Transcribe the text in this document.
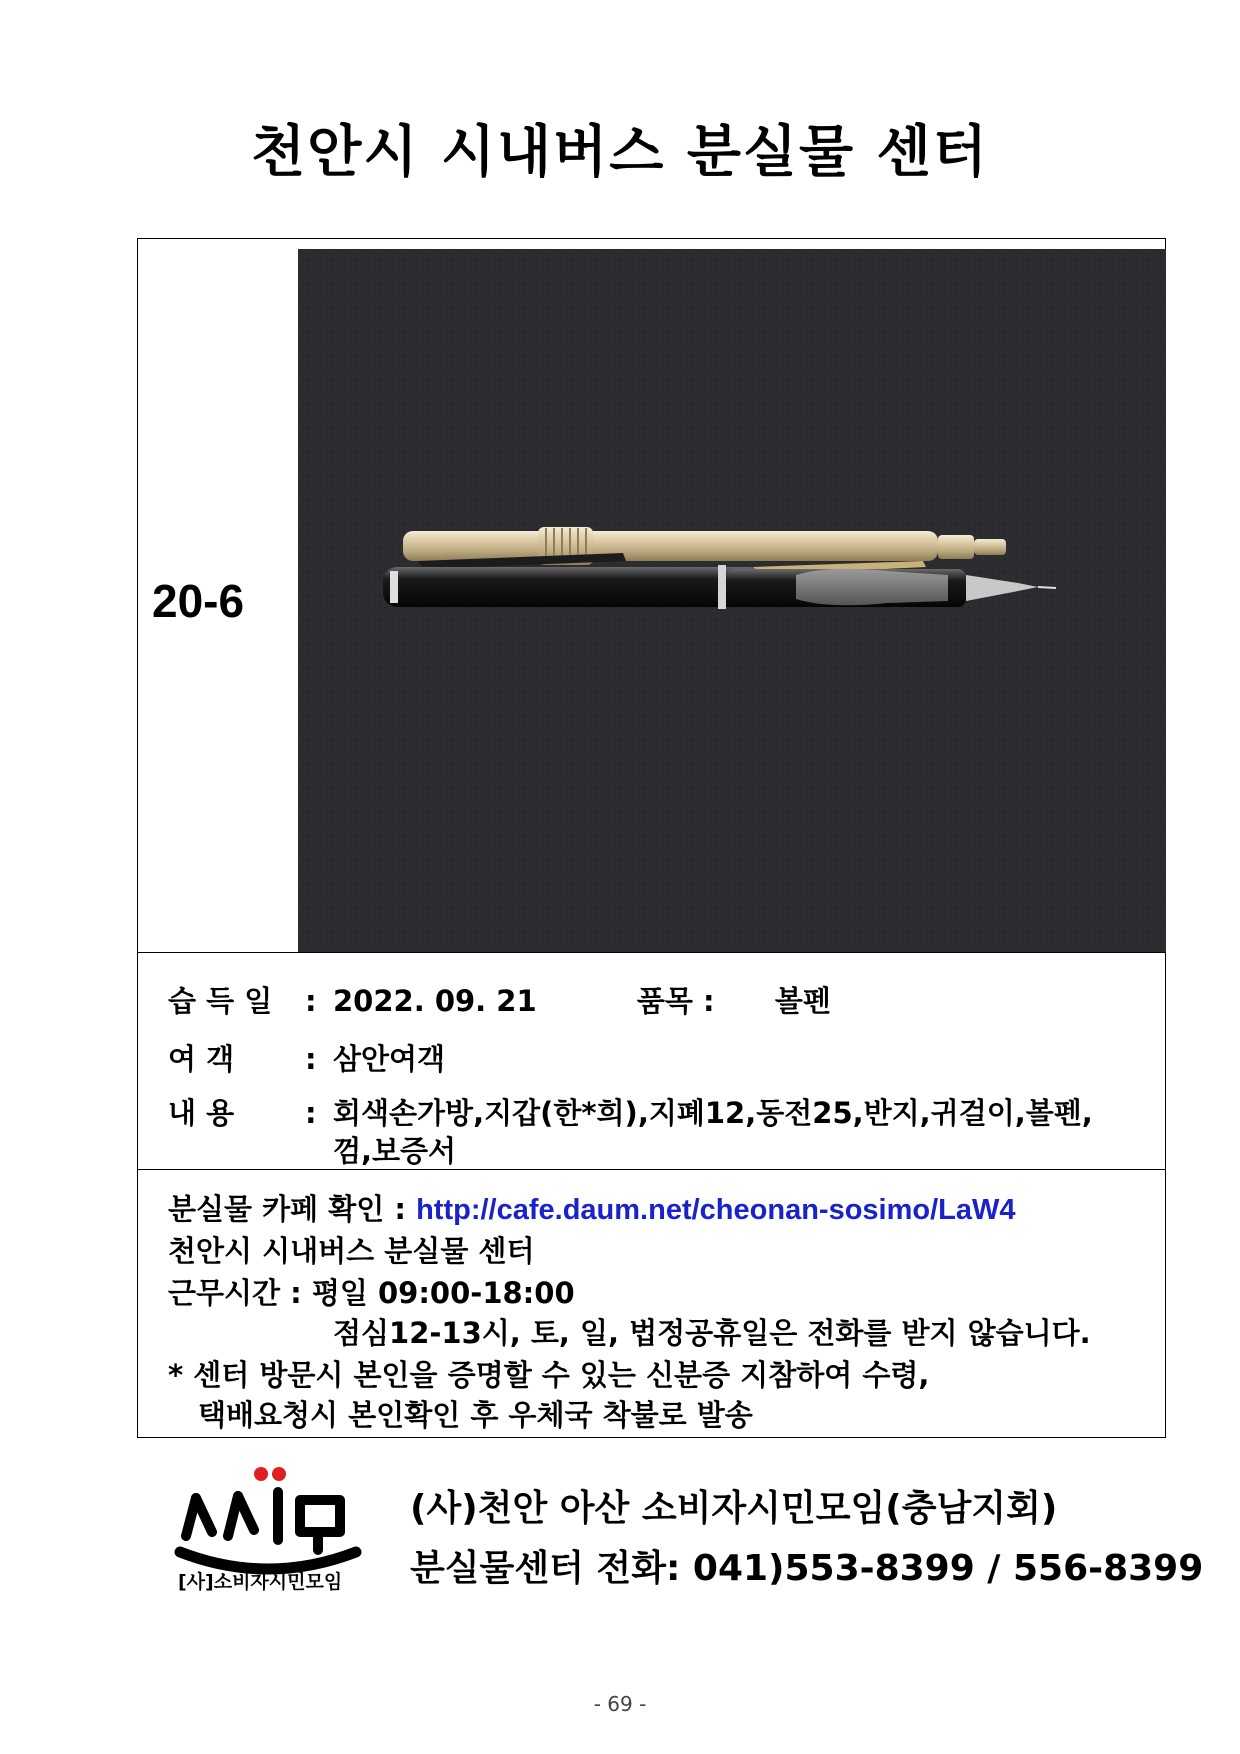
천안시 시내버스 분실물 센터
20-6
습 득 일 : 2022. 09. 21	품목 : 볼펜
여 객 : 삼안여객
내 용 : 회색손가방,지갑(한*희),지폐12,동전25,반지,귀걸이,볼펜,
껌,보증서
분실물 카페 확인 : http://cafe.daum.net/cheonan-sosimo/LaW4
천안시 시내버스 분실물 센터
근무시간 : 평일 09:00-18:00
점심12-13시, 토, 일, 법정공휴일은 전화를 받지 않습니다.
* 센터 방문시 본인을 증명할 수 있는 신분증 지참하여 수령,
택배요청시 본인확인 후 우체국 착불로 발송
[사]소비자시민모임
(사)천안 아산 소비자시민모임(충남지회)
분실물센터 전화: 041)553-8399 / 556-8399
- 69 -
